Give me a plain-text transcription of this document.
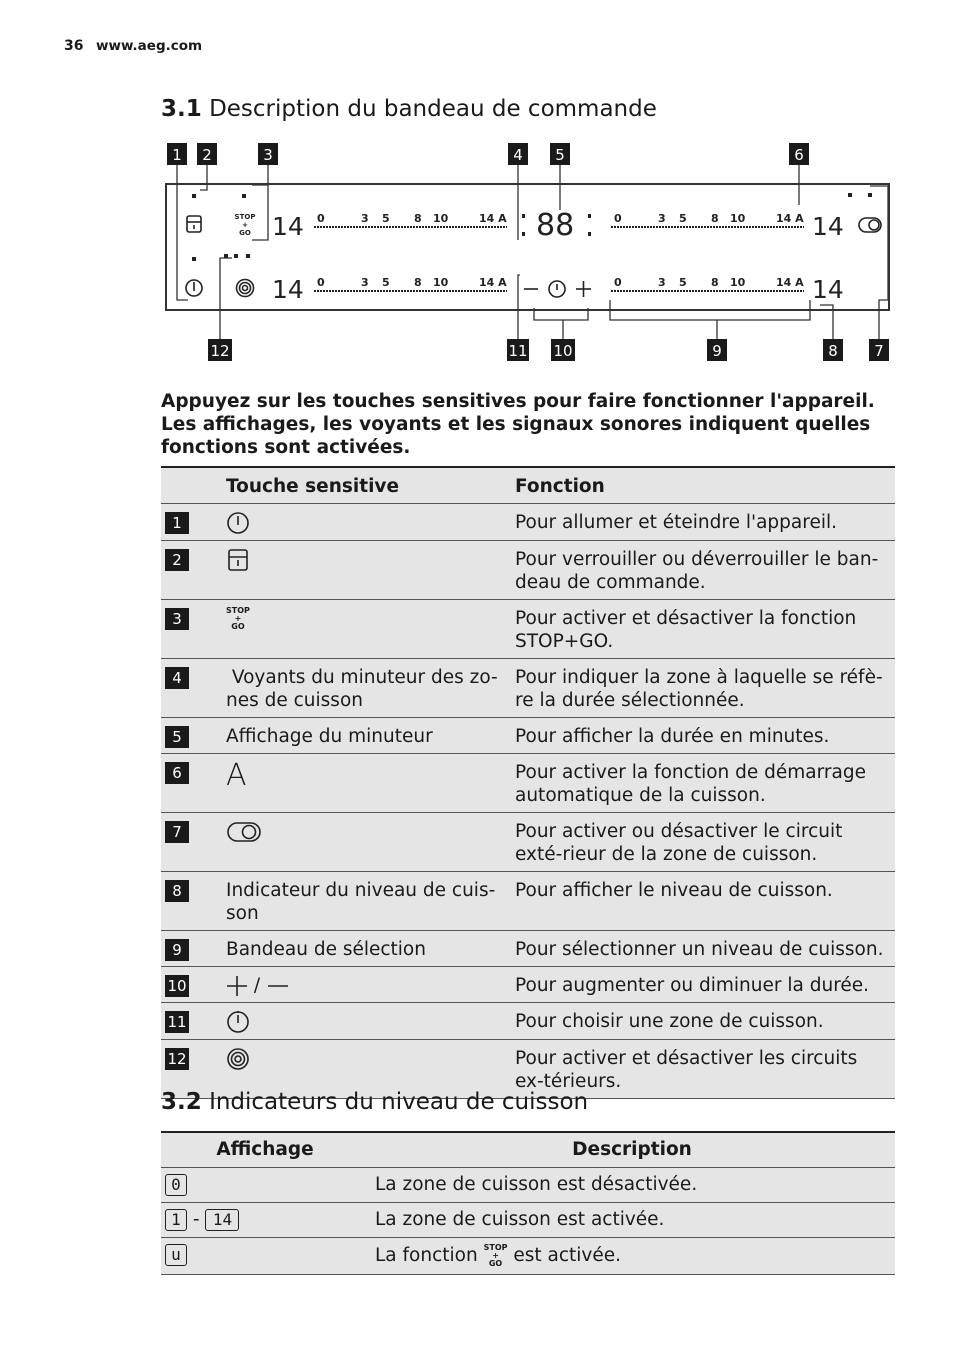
36 www.aeg.com
3.1 Description du bandeau de commande
1 2	3	4 5	6
12	11 10	9	8 7
STOP
+
GO 14
14
14
14
88
0	3 5 8 10	14 A
0	3 5 8 10	14 A
0	3 5 8 10	14 A
0	3 5 8 10	14 A
Appuyez sur les touches sensitives pour faire fonctionner l'appareil. Les affichages, les voyants et les signaux sonores indiquent quelles fonctions sont activées.
	Touche sensitive	Fonction
1		Pour allumer et éteindre l'appareil.
2		Pour verrouiller ou déverrouiller le ban-deau de commande.
3	STOP
+
GO	Pour activer et désactiver la fonction STOP+GO.
4	Voyants du minuteur des zo-nes de cuisson	Pour indiquer la zone à laquelle se réfè-re la durée sélectionnée.
5	Affichage du minuteur	Pour afficher la durée en minutes.
6	A	Pour activer la fonction de démarrage automatique de la cuisson.
7		Pour activer ou désactiver le circuit exté-rieur de la zone de cuisson.
8	Indicateur du niveau de cuis-son	Pour afficher le niveau de cuisson.
9	Bandeau de sélection	Pour sélectionner un niveau de cuisson.
10	/	Pour augmenter ou diminuer la durée.
11		Pour choisir une zone de cuisson.
12		Pour activer et désactiver les circuits ex-térieurs.
3.2 Indicateurs du niveau de cuisson
Affichage	Description
0	La zone de cuisson est désactivée.
1 - 14	La zone de cuisson est activée.
u	La fonction STOP
+
GO est activée.
